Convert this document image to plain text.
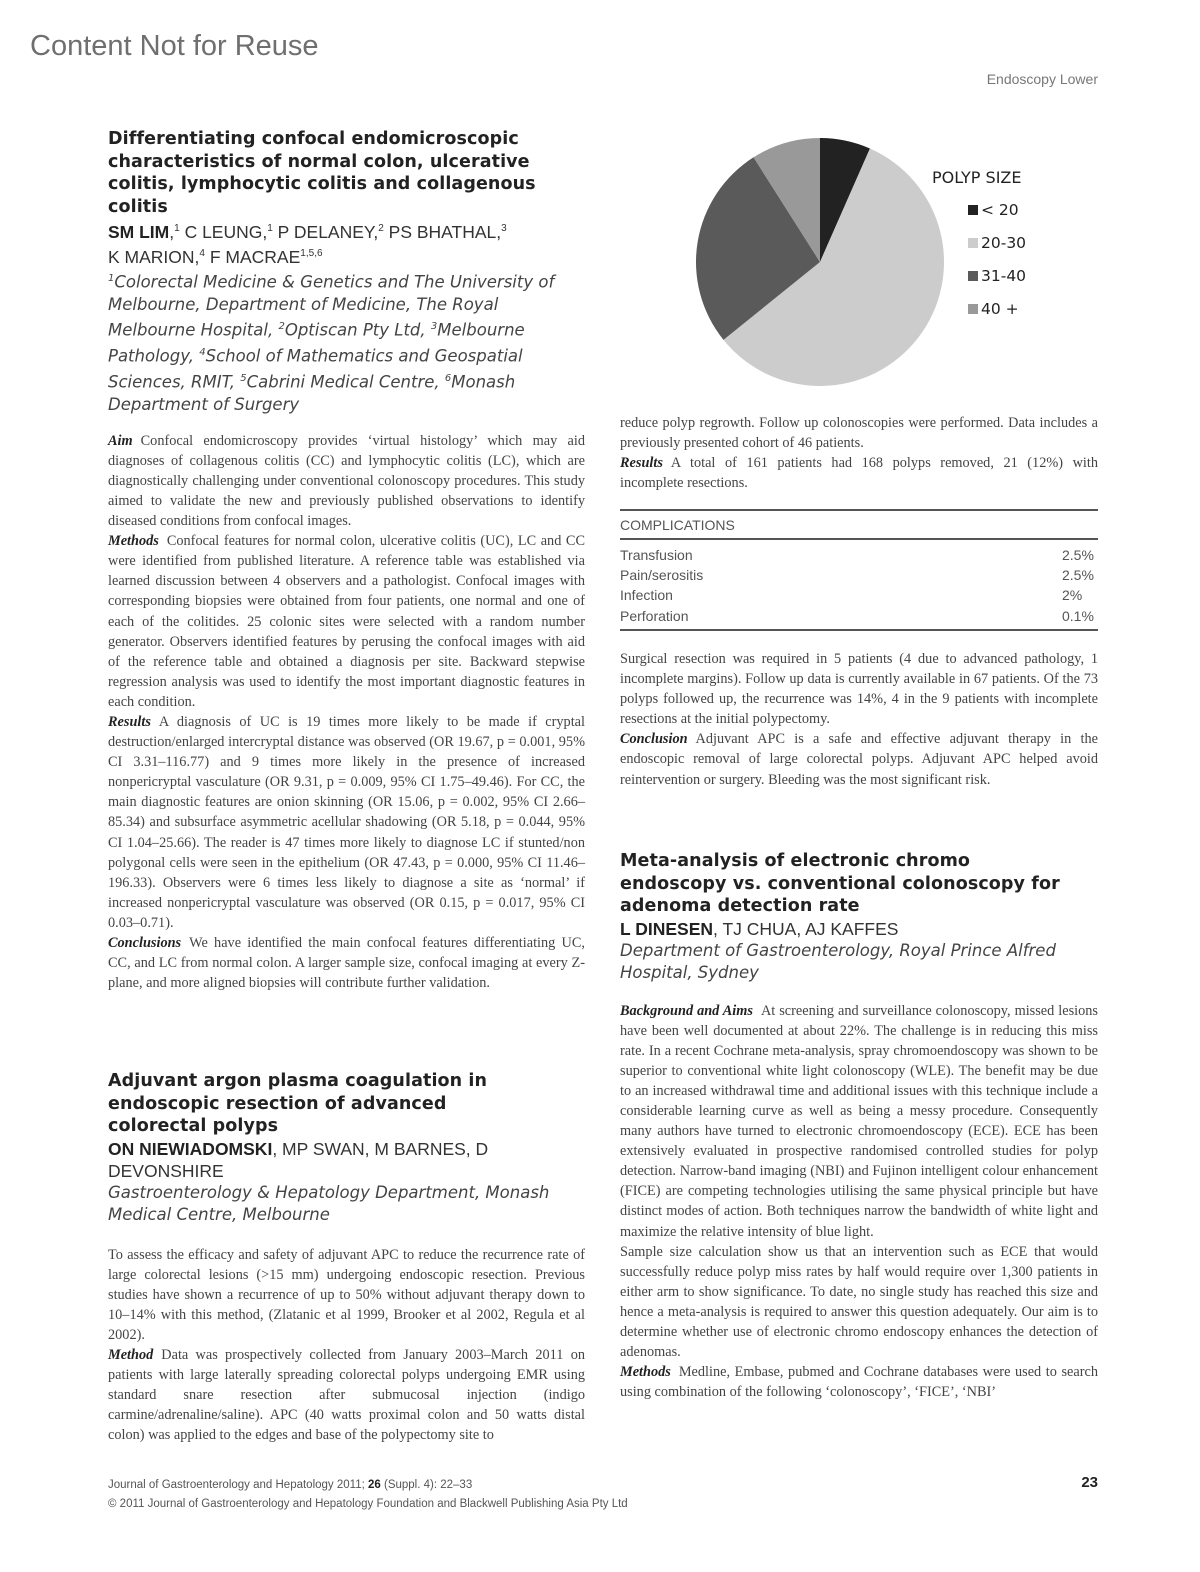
Content Not for Reuse
Endoscopy Lower
Differentiating confocal endomicroscopic characteristics of normal colon, ulcerative colitis, lymphocytic colitis and collagenous colitis

SM LIM,$^1$ C LEUNG,$^1$ P DELANEY,$^2$ PS BHATHAL,$^3$
K MARION,$^4$ F MACRAE$^{1,5,6}$

$^1$Colorectal Medicine & Genetics and The University of Melbourne, Department of Medicine, The Royal Melbourne Hospital, $^2$Optiscan Pty Ltd, $^3$Melbourne Pathology, $^4$School of Mathematics and Geospatial Sciences, RMIT, $^5$Cabrini Medical Centre, $^6$Monash Department of Surgery

Aim Confocal endomicroscopy provides ‘virtual histology’ which may aid diagnoses of collagenous colitis (CC) and lymphocytic colitis (LC), which are diagnostically challenging under conventional colonoscopy procedures. This study aimed to validate the new and previously published observations to identify diseased conditions from confocal images.

Methods Confocal features for normal colon, ulcerative colitis (UC), LC and CC were identified from published literature. A reference table was established via learned discussion between 4 observers and a pathologist. Confocal images with corresponding biopsies were obtained from four patients, one normal and one of each of the colitides. 25 colonic sites were selected with a random number generator. Observers identified features by perusing the confocal images with aid of the reference table and obtained a diagnosis per site. Backward stepwise regression analysis was used to identify the most important diagnostic features in each condition.

Results A diagnosis of UC is 19 times more likely to be made if cryptal destruction/enlarged intercryptal distance was observed (OR 19.67, p = 0.001, 95% CI 3.31–116.77) and 9 times more likely in the presence of increased nonpericryptal vasculature (OR 9.31, p = 0.009, 95% CI 1.75–49.46). For CC, the main diagnostic features are onion skinning (OR 15.06, p = 0.002, 95% CI 2.66–85.34) and subsurface asymmetric acellular shadowing (OR 5.18, p = 0.044, 95% CI 1.04–25.66). The reader is 47 times more likely to diagnose LC if stunted/non polygonal cells were seen in the epithelium (OR 47.43, p = 0.000, 95% CI 11.46–196.33). Observers were 6 times less likely to diagnose a site as ‘normal’ if increased nonpericryptal vasculature was observed (OR 0.15, p = 0.017, 95% CI 0.03–0.71).

Conclusions We have identified the main confocal features differentiating UC, CC, and LC from normal colon. A larger sample size, confocal imaging at every Z-plane, and more aligned biopsies will contribute further validation.

Adjuvant argon plasma coagulation in endoscopic resection of advanced colorectal polyps

ON NIEWIADOMSKI, MP SWAN, M BARNES, D DEVONSHIRE

Gastroenterology & Hepatology Department, Monash Medical Centre, Melbourne

To assess the efficacy and safety of adjuvant APC to reduce the recurrence rate of large colorectal lesions (>15 mm) undergoing endoscopic resection. Previous studies have shown a recurrence of up to 50% without adjuvant therapy down to 10–14% with this method, (Zlatanic et al 1999, Brooker et al 2002, Regula et al 2002).

Method Data was prospectively collected from January 2003–March 2011 on patients with large laterally spreading colorectal polyps undergoing EMR using standard snare resection after submucosal injection (indigo carmine/adrenaline/saline). APC (40 watts proximal colon and 50 watts distal colon) was applied to the edges and base of the polypectomy site to

POLYP SIZE
< 20
20-30
31-40
40 +

reduce polyp regrowth. Follow up colonoscopies were performed. Data includes a previously presented cohort of 46 patients.

Results A total of 161 patients had 168 polyps removed, 21 (12%) with incomplete resections.

COMPLICATIONS
Transfusion	2.5%
Pain/serositis	2.5%
Infection	2%
Perforation	0.1%

Surgical resection was required in 5 patients (4 due to advanced pathology, 1 incomplete margins). Follow up data is currently available in 67 patients. Of the 73 polyps followed up, the recurrence was 14%, 4 in the 9 patients with incomplete resections at the initial polypectomy.

Conclusion Adjuvant APC is a safe and effective adjuvant therapy in the endoscopic removal of large colorectal polyps. Adjuvant APC helped avoid reintervention or surgery. Bleeding was the most significant risk.

Meta-analysis of electronic chromo endoscopy vs. conventional colonoscopy for adenoma detection rate

L DINESEN, TJ CHUA, AJ KAFFES

Department of Gastroenterology, Royal Prince Alfred Hospital, Sydney

Background and Aims At screening and surveillance colonoscopy, missed lesions have been well documented at about 22%. The challenge is in reducing this miss rate. In a recent Cochrane meta-analysis, spray chromoendoscopy was shown to be superior to conventional white light colonoscopy (WLE). The benefit may be due to an increased withdrawal time and additional issues with this technique include a considerable learning curve as well as being a messy procedure. Consequently many authors have turned to electronic chromoendoscopy (ECE). ECE has been extensively evaluated in prospective randomised controlled studies for polyp detection. Narrow-band imaging (NBI) and Fujinon intelligent colour enhancement (FICE) are competing technologies utilising the same physical principle but have distinct modes of action. Both techniques narrow the bandwidth of white light and maximize the relative intensity of blue light.

Sample size calculation show us that an intervention such as ECE that would successfully reduce polyp miss rates by half would require over 1,300 patients in either arm to show significance. To date, no single study has reached this size and hence a meta-analysis is required to answer this question adequately. Our aim is to determine whether use of electronic chromo endoscopy enhances the detection of adenomas.

Methods Medline, Embase, pubmed and Cochrane databases were used to search using combination of the following ‘colonoscopy’, ‘FICE’, ‘NBI’

Journal of Gastroenterology and Hepatology 2011; 26 (Suppl. 4): 22–33
© 2011 Journal of Gastroenterology and Hepatology Foundation and Blackwell Publishing Asia Pty Ltd
23
